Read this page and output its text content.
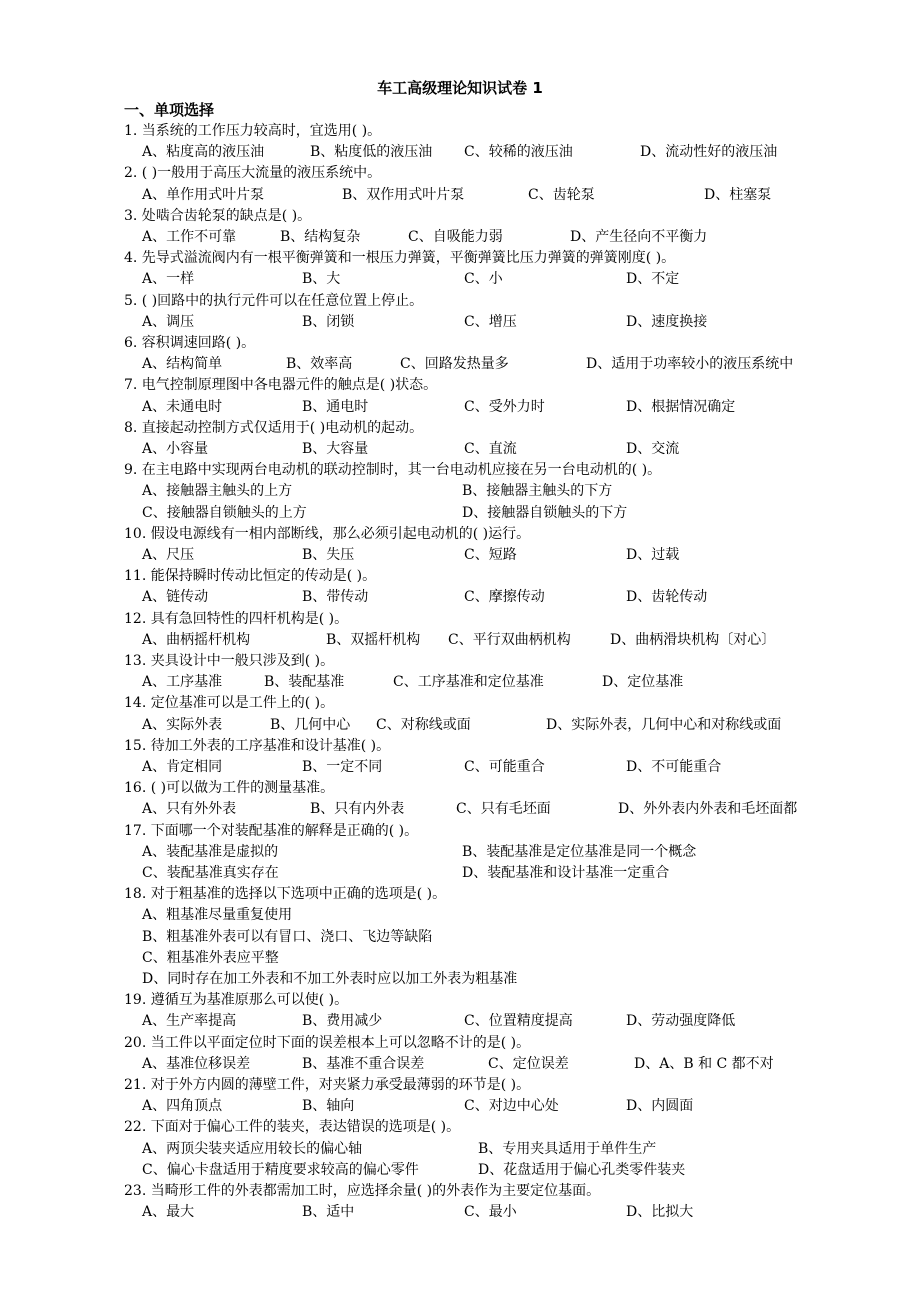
车工高级理论知识试卷 1
一、单项选择
1. 当系统的工作压力较高时，宜选用( )。
A、粘度高的液压油	B、粘度低的液压油 C、较稀的液压油	D、流动性好的液压油
2. ( )一般用于高压大流量的液压系统中。
A、单作用式叶片泵	B、双作用式叶片泵	C、齿轮泵	D、柱塞泵
3. 处啮合齿轮泵的缺点是( )。
A、工作不可靠	B、结构复杂	C、自吸能力弱	D、产生径向不平衡力
4. 先导式溢流阀内有一根平衡弹簧和一根压力弹簧，平衡弹簧比压力弹簧的弹簧刚度( )。
A、一样	B、大	C、小	D、不定
5. ( )回路中的执行元件可以在任意位置上停止。
A、调压	B、闭锁	C、增压	D、速度换接
6. 容积调速回路( )。
A、结构简单	B、效率高	C、回路发热量多	D、适用于功率较小的液压系统中
7. 电气控制原理图中各电器元件的触点是( )状态。
A、未通电时	B、通电时	C、受外力时	D、根据情况确定
8. 直接起动控制方式仅适用于( )电动机的起动。
A、小容量	B、大容量	C、直流	D、交流
9. 在主电路中实现两台电动机的联动控制时，其一台电动机应接在另一台电动机的( )。
A、接触器主触头的上方	B、接触器主触头的下方
C、接触器自锁触头的上方	D、接触器自锁触头的下方
10. 假设电源线有一相内部断线，那么必须引起电动机的( )运行。
A、尺压	B、失压	C、短路	D、过载
11. 能保持瞬时传动比恒定的传动是( )。
A、链传动	B、带传动	C、摩擦传动	D、齿轮传动
12. 具有急回特性的四杆机构是( )。
A、曲柄摇杆机构	B、双摇杆机构 C、平行双曲柄机构	D、曲柄滑块机构〔对心〕
13. 夹具设计中一般只涉及到( )。
A、工序基准	B、装配基准	C、工序基准和定位基准	D、定位基准
14. 定位基准可以是工件上的( )。
A、实际外表	B、几何中心 C、对称线或面	D、实际外表，几何中心和对称线或面
15. 待加工外表的工序基准和设计基准( )。
A、肯定相同	B、一定不同	C、可能重合	D、不可能重合
16. ( )可以做为工件的测量基准。
A、只有外外表	B、只有内外表	C、只有毛坯面	D、外外表内外表和毛坯面都
17. 下面哪一个对装配基准的解释是正确的( )。
A、装配基准是虚拟的	B、装配基准是定位基准是同一个概念
C、装配基准真实存在	D、装配基准和设计基准一定重合
18. 对于粗基准的选择以下选项中正确的选项是( )。
A、粗基准尽量重复使用
B、粗基准外表可以有冒口、浇口、飞边等缺陷
C、粗基准外表应平整
D、同时存在加工外表和不加工外表时应以加工外表为粗基准
19. 遵循互为基准原那么可以使( )。
A、生产率提高	B、费用减少	C、位置精度提高	D、劳动强度降低
20. 当工件以平面定位时下面的误差根本上可以忽略不计的是( )。
A、基准位移误差	B、基准不重合误差	C、定位误差	D、A、B 和 C 都不对
21. 对于外方内圆的薄壁工件，对夹紧力承受最薄弱的环节是( )。
A、四角顶点	B、轴向	C、对边中心处	D、内圆面
22. 下面对于偏心工件的装夹，表达错误的选项是( )。
A、两顶尖装夹适应用较长的偏心轴	B、专用夹具适用于单件生产
C、偏心卡盘适用于精度要求较高的偏心零件	D、花盘适用于偏心孔类零件装夹
23. 当畸形工件的外表都需加工时，应选择余量( )的外表作为主要定位基面。
A、最大	B、适中	C、最小	D、比拟大
